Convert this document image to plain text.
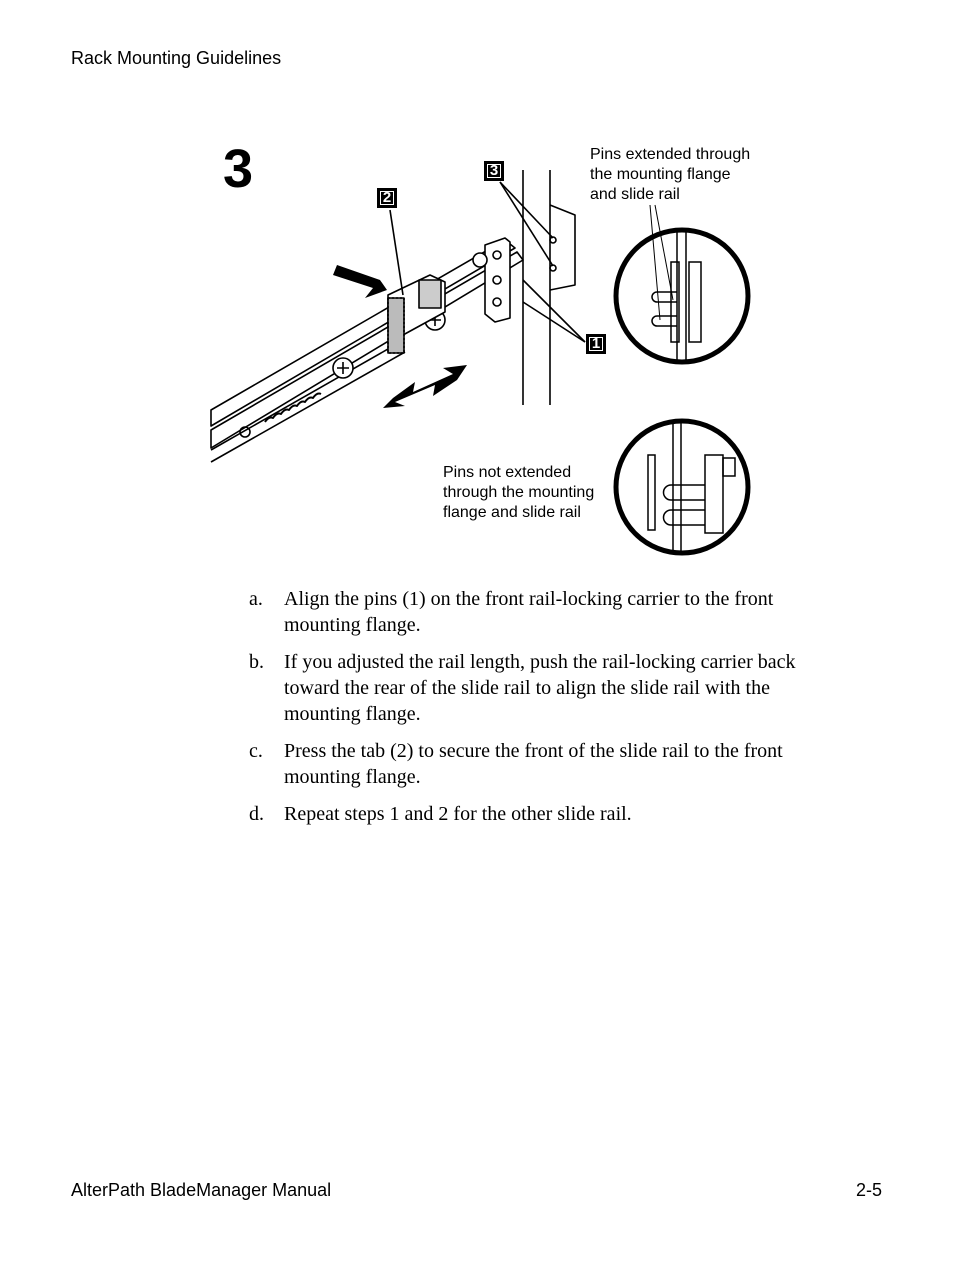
Rack Mounting Guidelines
3	2
3
1
Pins extended through
the mounting flange
and slide rail
Pins not extended
through the mounting
flange and slide rail
a.	Align the pins (1) on the front rail-locking carrier to the front mounting flange.
b.	If you adjusted the rail length, push the rail-locking carrier back toward the rear of the slide rail to align the slide rail with the mounting flange.
c.	Press the tab (2) to secure the front of the slide rail to the front mounting flange.
d.	Repeat steps 1 and 2 for the other slide rail.
AlterPath BladeManager Manual	2-5
